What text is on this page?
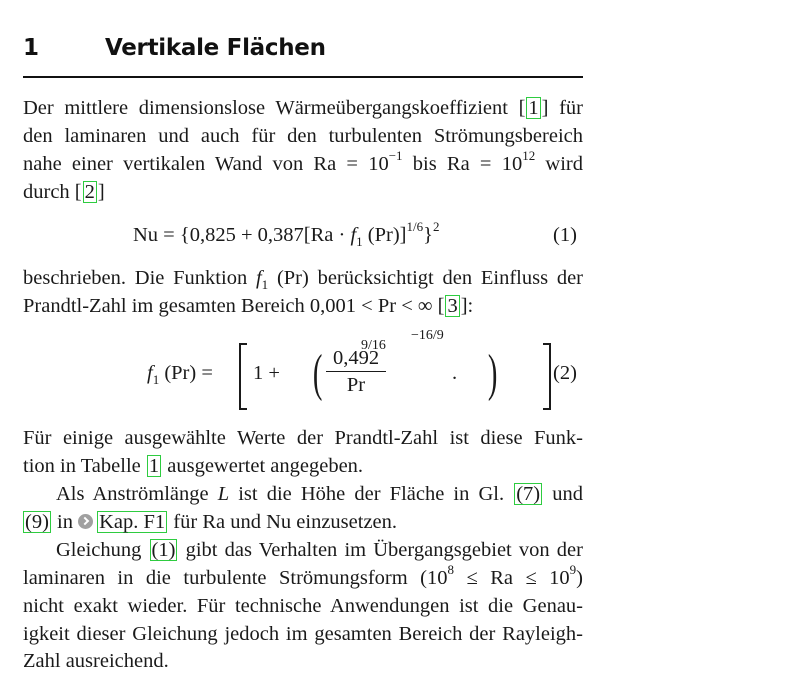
1	Vertikale Flächen
Der mittlere dimensionslose Wärmeübergangskoeffizient [ 1 ] für
den laminaren und auch für den turbulenten Strömungsbereich
nahe einer vertikalen Wand von $Ra = 10^{-1}$ bis $Ra = 10^{12}$ wird
durch [ 2 ]
$Nu = \{0,825 + 0,387[Ra \cdot f_1$ (Pr)]$^{1/6}$}$^2$	(1)
beschrieben. Die Funktion $f_1$ (Pr) berücksichtigt den Einfluss der
Prandtl-Zahl im gesamten Bereich 0,001 < Pr < ∞ [ 3 ]:
$f_1$ (Pr) = 1 + ( $\frac{0,492}{Pr}$ )
9/16
−16/9
.	(2)
Für einige ausgewählte Werte der Prandtl-Zahl ist diese Funk-
tion in Tabelle 1 ausgewertet angegeben.
Als Anströmlänge L ist die Höhe der Fläche in Gl. (7) und
(9) in Kap. F1 für Ra und Nu einzusetzen.
Gleichung (1) gibt das Verhalten im Übergangsgebiet von der
laminaren in die turbulente Strömungsform $(10^8 \le Ra \le 10^9)$
nicht exakt wieder. Für technische Anwendungen ist die Genau-
igkeit dieser Gleichung jedoch im gesamten Bereich der Rayleigh-
Zahl ausreichend.
